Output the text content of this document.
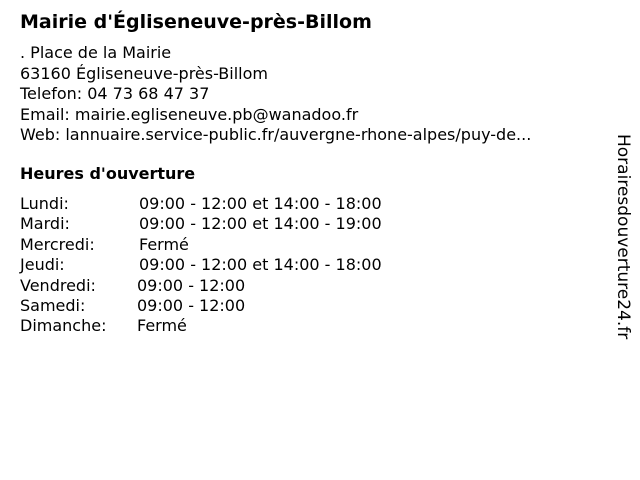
Mairie d'Égliseneuve-près-Billom
. Place de la Mairie
63160 Égliseneuve-près-Billom
Telefon: 04 73 68 47 37
Email: mairie.egliseneuve.pb@wanadoo.fr
Web: lannuaire.service-public.fr/auvergne-rhone-alpes/puy-de...
Heures d'ouverture
Lundi:	09:00 - 12:00 et 14:00 - 18:00
Mardi:	09:00 - 12:00 et 14:00 - 19:00
Mercredi:	Fermé
Jeudi:	09:00 - 12:00 et 14:00 - 18:00
Vendredi:	09:00 - 12:00
Samedi:	09:00 - 12:00
Dimanche: Fermé	Horairesdouverture24.fr
